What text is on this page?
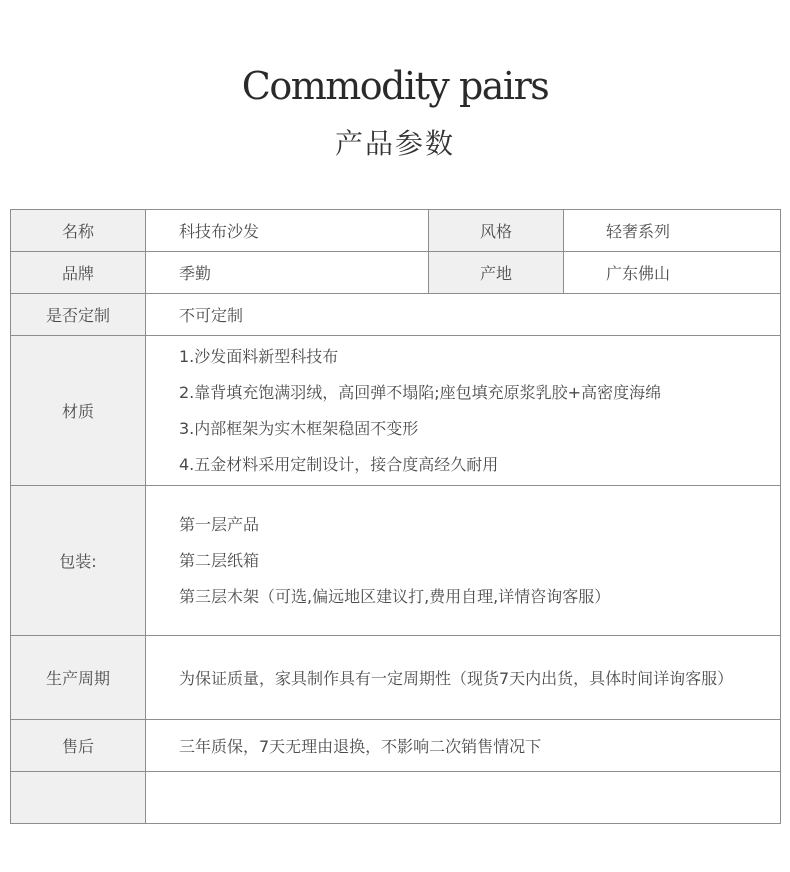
Commodity pairs
产品参数
名称	科技布沙发	风格	轻奢系列
品牌	季勤	产地	广东佛山
是否定制	不可定制		
材质	1.沙发面料新型科技布
2.靠背填充饱满羽绒，高回弹不塌陷;座包填充原浆乳胶+高密度海绵
3.内部框架为实木框架稳固不变形
4.五金材料采用定制设计，接合度高经久耐用		

包装:	第一层产品
第二层纸箱
第三层木架（可选,偏远地区建议打,费用自理,详情咨询客服）		

生产周期	为保证质量，家具制作具有一定周期性（现货7天内出货，具体时间详询客服）		
售后	三年质保，7天无理由退换，不影响二次销售情况下		
